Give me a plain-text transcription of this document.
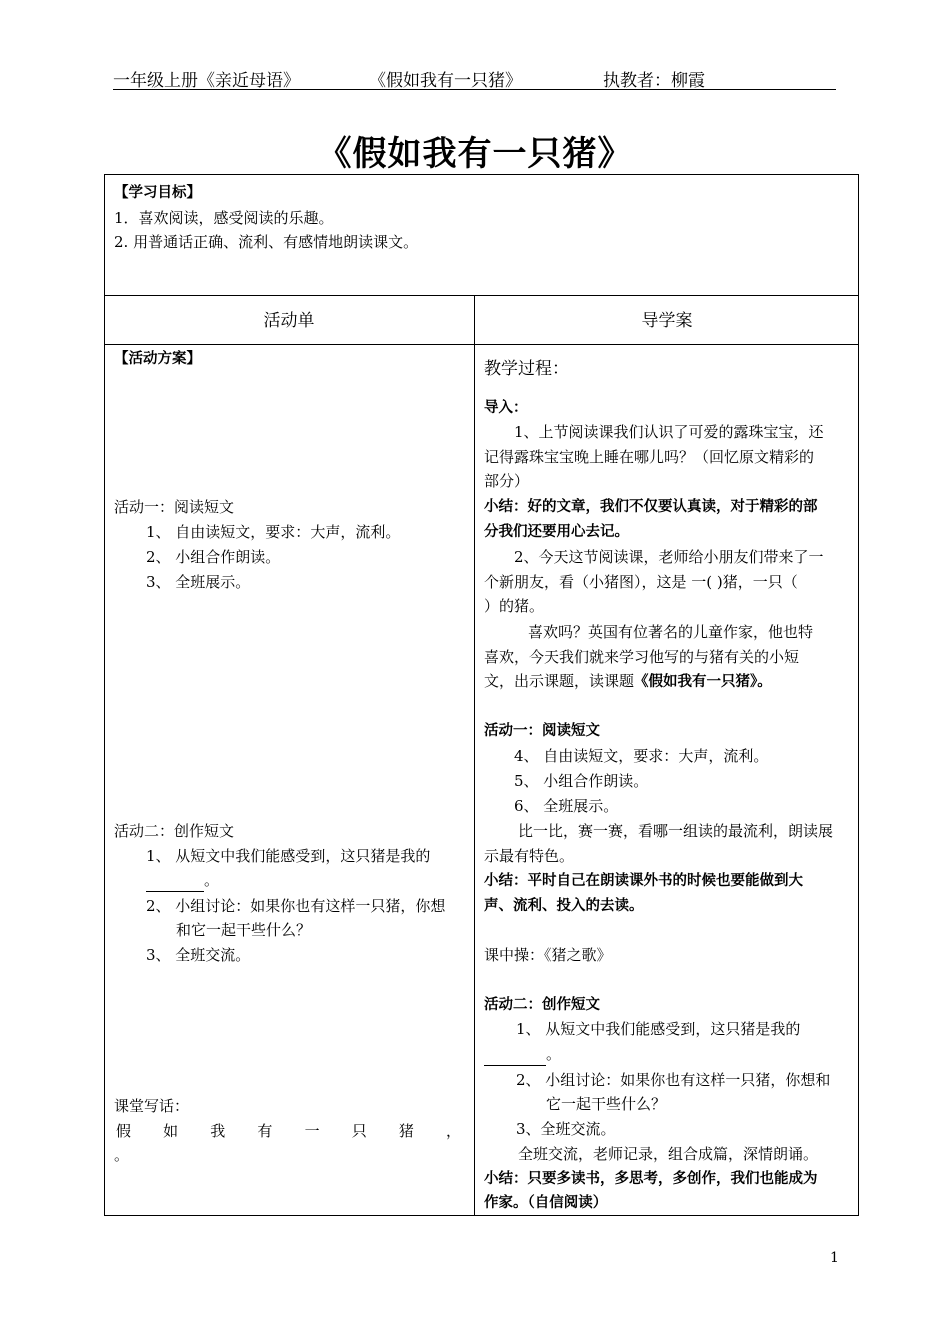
一年级上册《亲近母语》	《假如我有一只猪》	执教者：柳霞
《假如我有一只猪》
【学习目标】
1．喜欢阅读，感受阅读的乐趣。
2. 用普通话正确、流利、有感情地朗读课文。
活动单	导学案
【活动方案】
活动一：阅读短文
1、 自由读短文，要求：大声，流利。
2、 小组合作朗读。
3、 全班展示。
活动二：创作短文
1、 从短文中我们能感受到，这只猪是我的
。
2、 小组讨论：如果你也有这样一只猪，你想
和它一起干些什么？
3、 全班交流。
课堂写话：
假 如 我 有 一 只 猪 ，
。
教学过程：
导入：
1、上节阅读课我们认识了可爱的露珠宝宝，还
记得露珠宝宝晚上睡在哪儿吗？（回忆原文精彩的
部分）
小结：好的文章，我们不仅要认真读，对于精彩的部
分我们还要用心去记。
2、今天这节阅读课，老师给小朋友们带来了一
个新朋友，看（小猪图），这是 一( )猪，一只（
）的猪。
喜欢吗？英国有位著名的儿童作家，他也特
喜欢，今天我们就来学习他写的与猪有关的小短
文，出示课题，读课题《假如我有一只猪》。
活动一：阅读短文
4、 自由读短文，要求：大声，流利。
5、 小组合作朗读。
6、 全班展示。
比一比，赛一赛，看哪一组读的最流利，朗读展
示最有特色。
小结：平时自己在朗读课外书的时候也要能做到大
声、流利、投入的去读。
课中操：《猪之歌》
活动二：创作短文
1、 从短文中我们能感受到，这只猪是我的
。
2、 小组讨论：如果你也有这样一只猪，你想和
它一起干些什么？
3、全班交流。
全班交流，老师记录，组合成篇，深情朗诵。
小结：只要多读书，多思考，多创作，我们也能成为
作家。（自信阅读）
1
